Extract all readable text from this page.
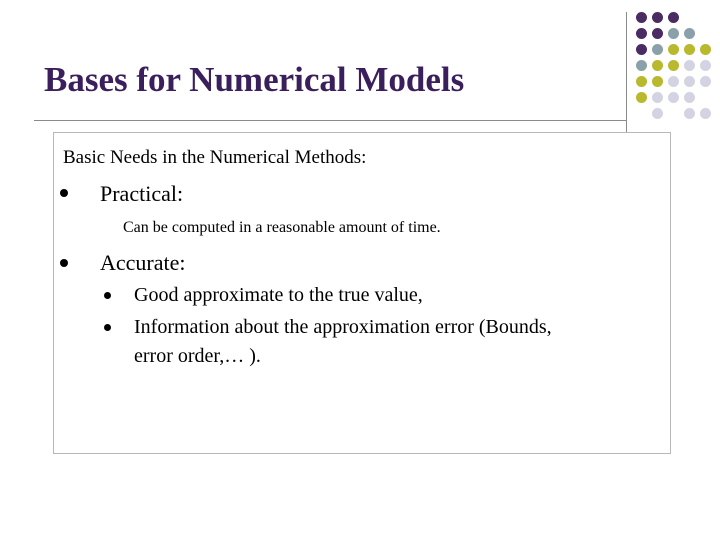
Bases for Numerical Models
Basic Needs in the Numerical Methods:
Practical:
Can be computed in a reasonable amount of time.
Accurate:
Good approximate to the true value,
Information about the approximation error (Bounds,
error order,… ).
